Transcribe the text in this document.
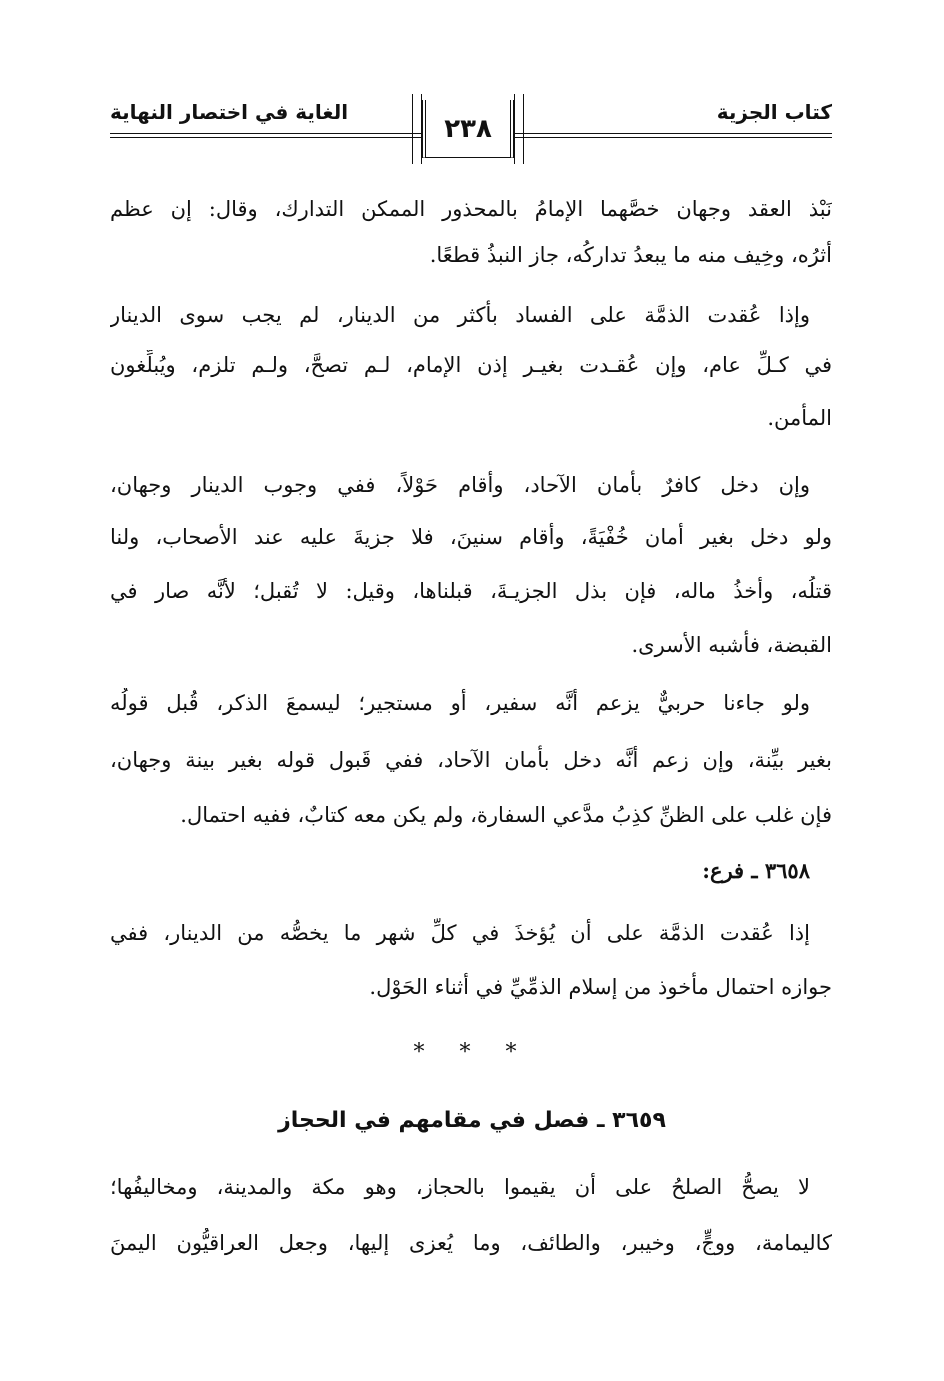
كتاب الجزية
الغاية في اختصار النهاية
٢٣٨
نَبْذ العقد وجهان خصَّهما الإمامُ بالمحذور الممكن التدارك، وقال: إن عظم
أثرُه، وخِيف منه ما يبعدُ تداركُه، جاز النبذُ قطعًا.
وإذا عُقدت الذمَّة على الفساد بأكثر من الدينار، لم يجب سوى الدينار
في كـلِّ عام، وإن عُقـدت بغيـر إذن الإمام، لـم تصحَّ، ولـم تلزم، ويُبلِّغون
المأمن.
وإن دخل كافرٌ بأمان الآحاد، وأقام حَوْلاً، ففي وجوب الدينار وجهان،
ولو دخل بغير أمان خُفْيَةً، وأقام سنينَ، فلا جزيةَ عليه عند الأصحاب، ولنا
قتلُه، وأخذُ ماله، فإن بذل الجزيـةَ، قبلناها، وقيل: لا تُقبل؛ لأنَّه صار في
القبضة، فأشبه الأسرى.
ولو جاءنا حربيٌّ يزعم أنَّه سفير، أو مستجير؛ ليسمعَ الذكر، قُبل قولُه
بغير بيِّنة، وإن زعم أنَّه دخل بأمان الآحاد، ففي قَبول قوله بغير بينة وجهان،
فإن غلب على الظنِّ كذِبُ مدَّعي السفارة، ولم يكن معه كتابٌ، ففيه احتمال.
٣٦٥٨ ـ فرع:
إذا عُقدت الذمَّة على أن يُؤخذَ في كلِّ شهر ما يخصُّه من الدينار، ففي
جوازه احتمال مأخوذ من إسلام الذمِّيِّ في أثناء الحَوْل.
* * *
٣٦٥٩ ـ فصل في مقامهم في الحجاز
لا يصحُّ الصلحُ على أن يقيموا بالحجاز، وهو مكة والمدينة، ومخاليفُها؛
كاليمامة، ووجٍّ، وخيبر، والطائف، وما يُعزى إليها، وجعل العراقيُّون اليمنَ
